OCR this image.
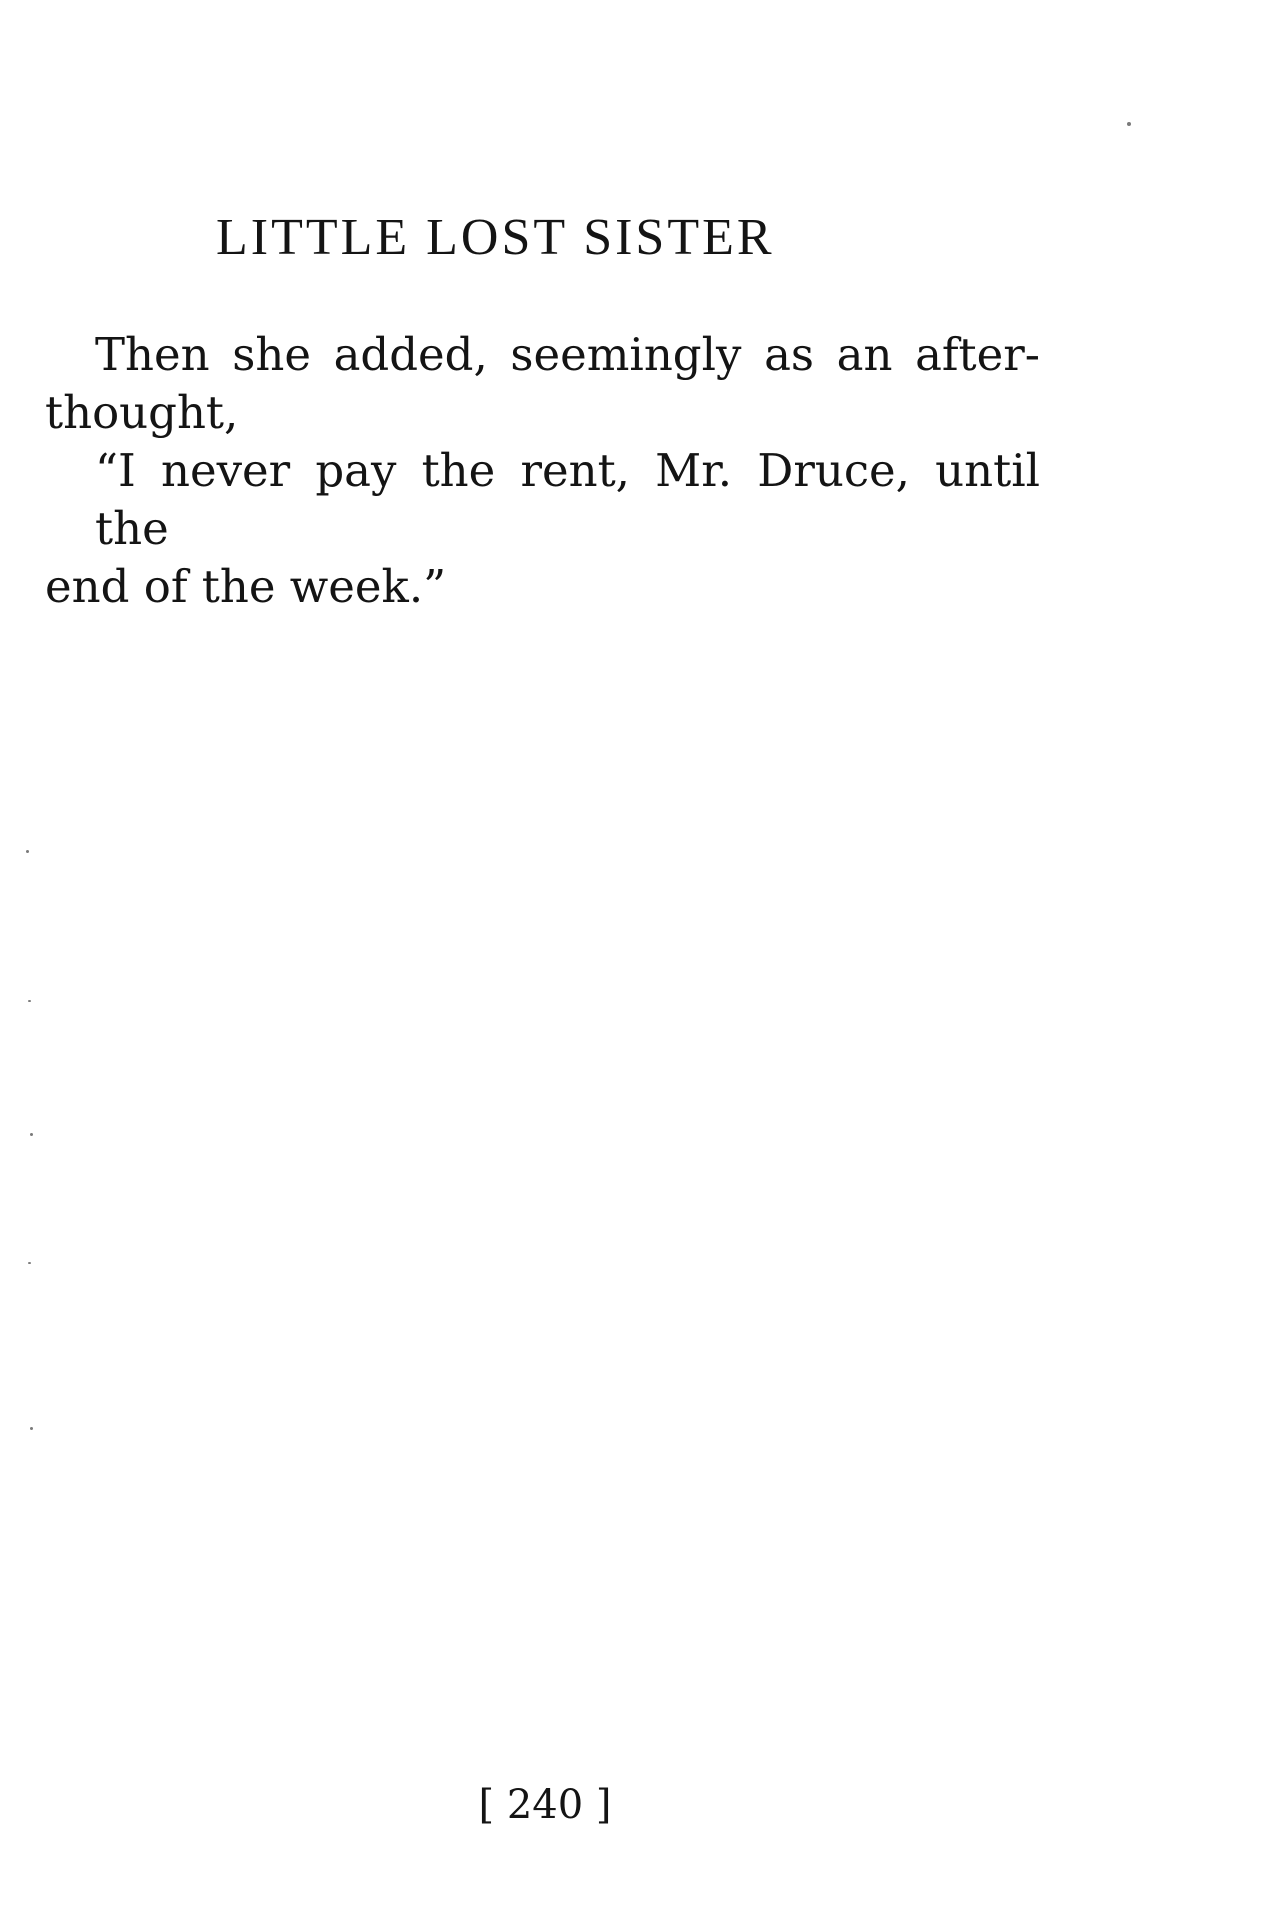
LITTLE LOST SISTER
Then she added, seemingly as an after-
thought,
“I never pay the rent, Mr. Druce, until the
end of the week.”
[ 240 ]
